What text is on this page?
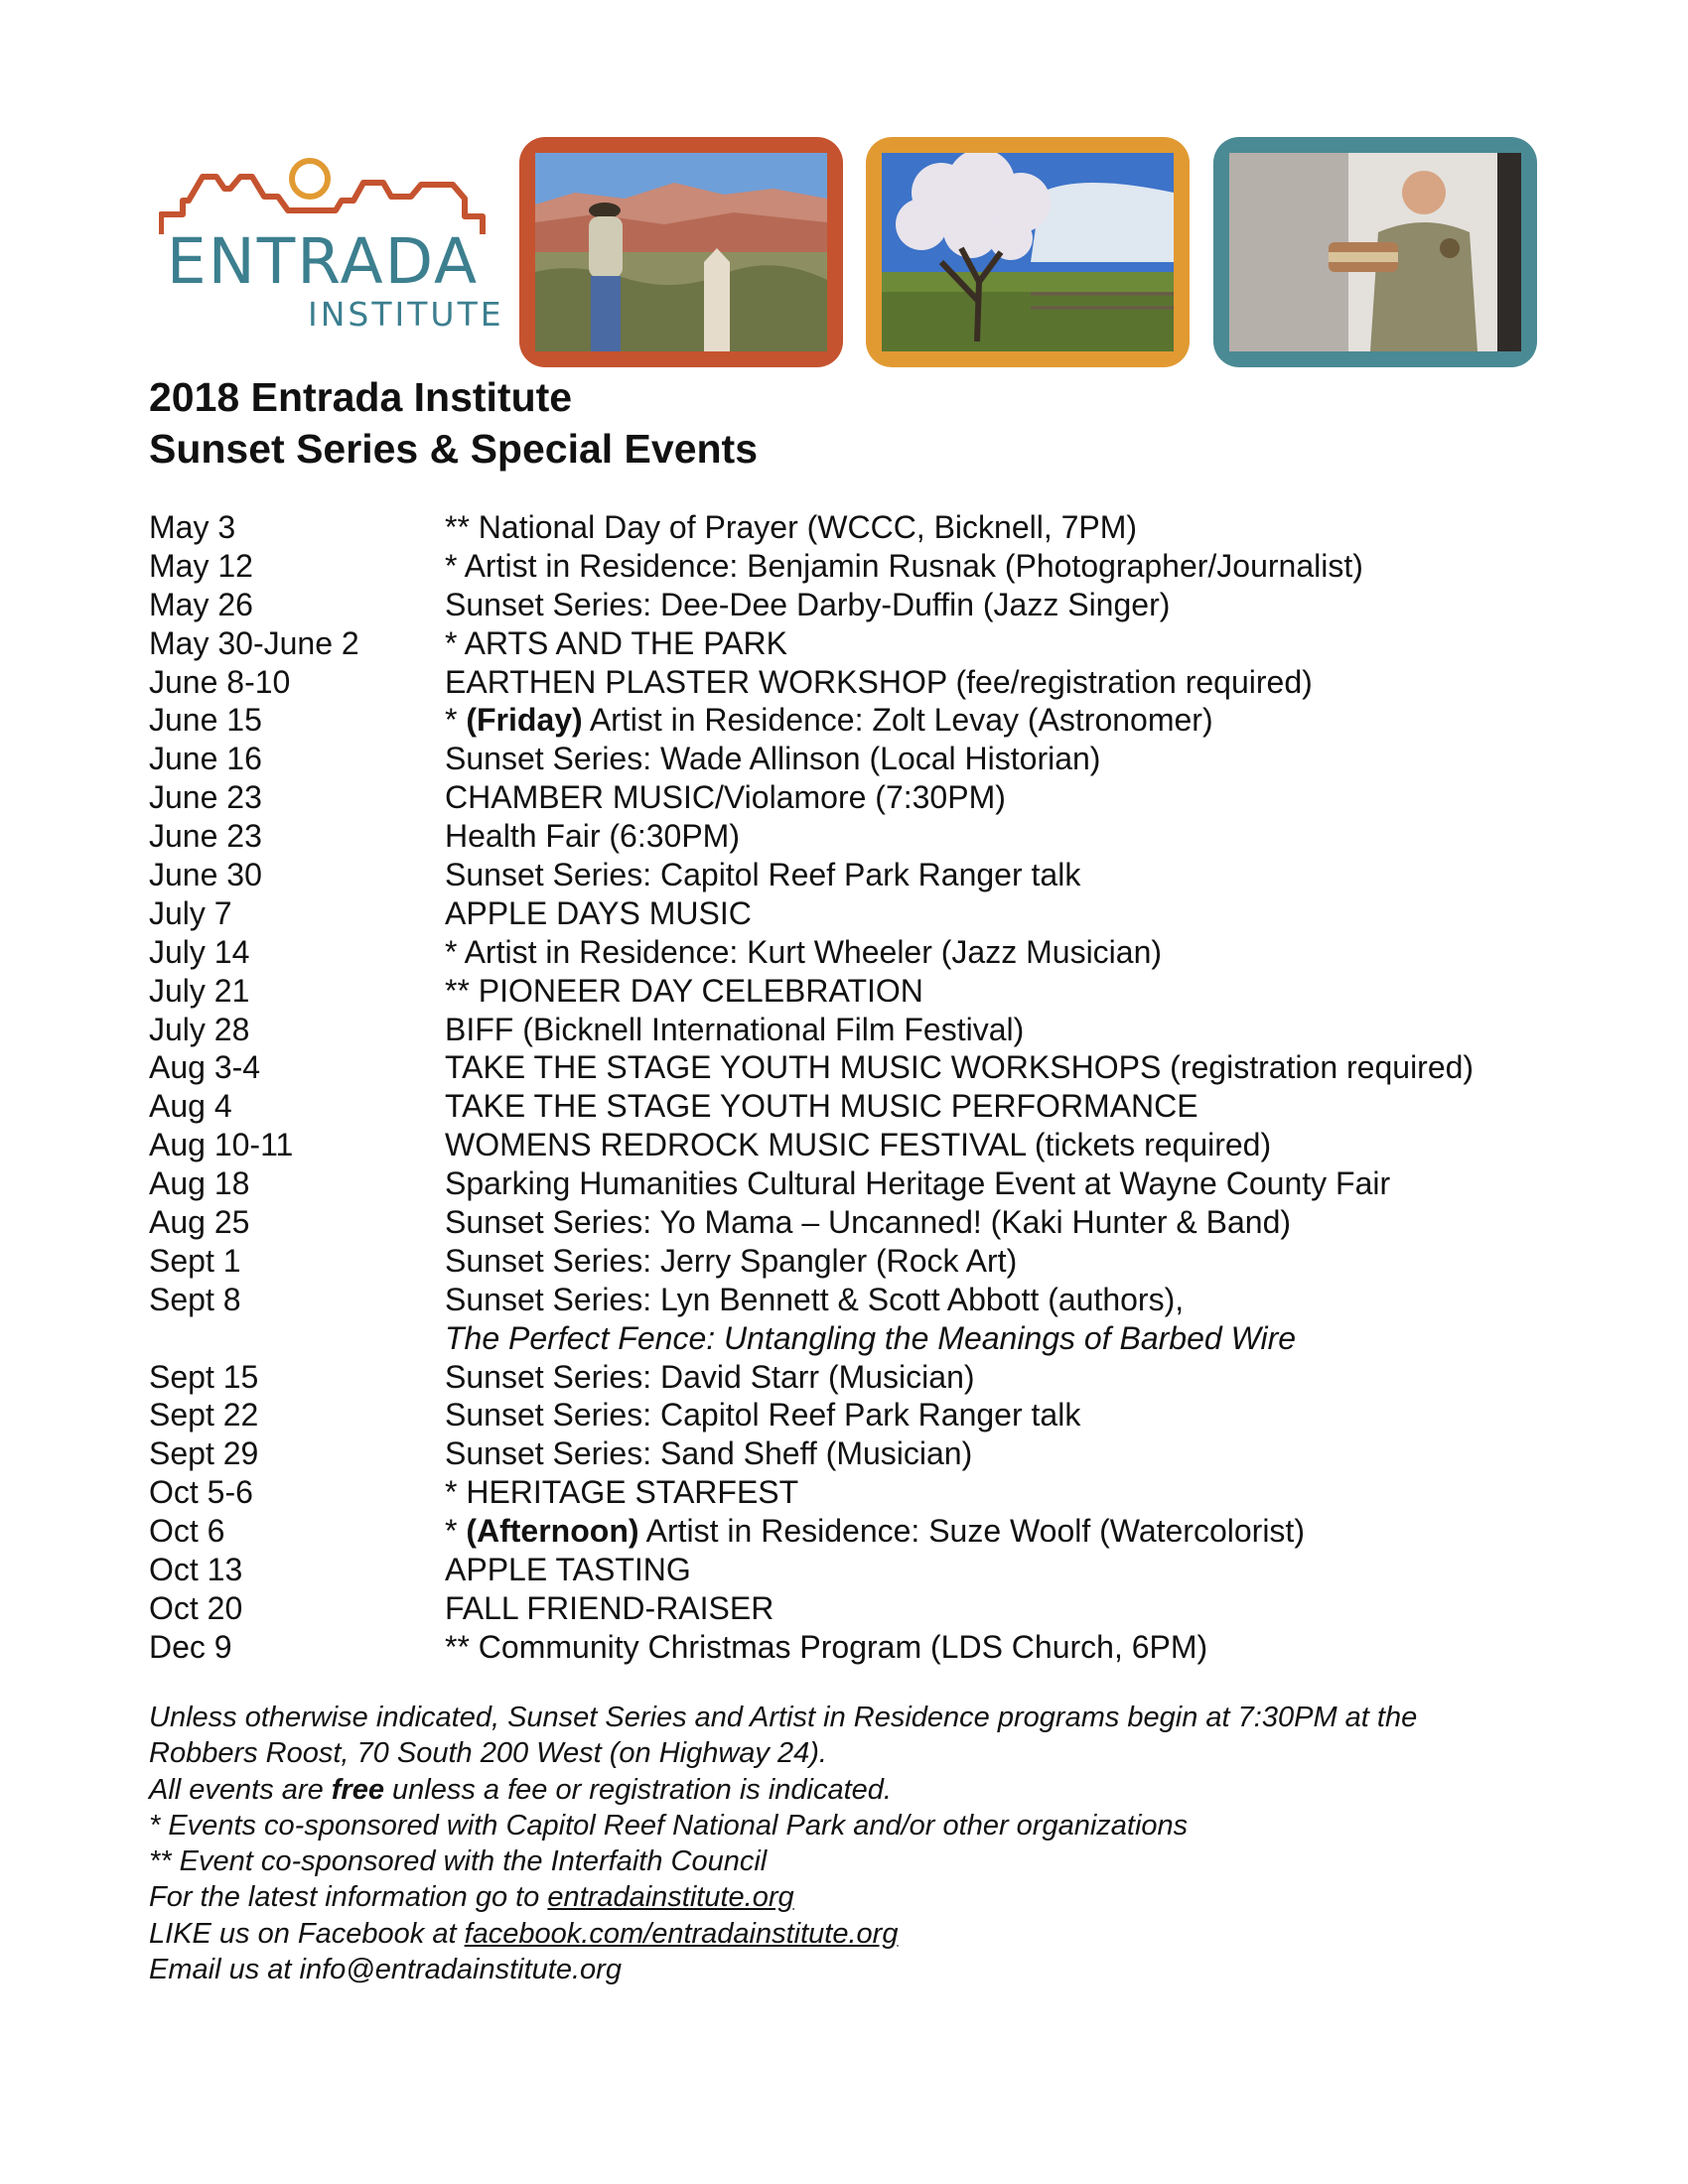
ENTRADA
INSTITUTE
2018 Entrada Institute
Sunset Series & Special Events
May 3	** National Day of Prayer (WCCC, Bicknell, 7PM)
May 12	* Artist in Residence: Benjamin Rusnak (Photographer/Journalist)
May 26	Sunset Series: Dee-Dee Darby-Duffin (Jazz Singer)
May 30-June 2	* ARTS AND THE PARK
June 8-10	EARTHEN PLASTER WORKSHOP (fee/registration required)
June 15	* (Friday) Artist in Residence: Zolt Levay (Astronomer)
June 16	Sunset Series: Wade Allinson (Local Historian)
June 23	CHAMBER MUSIC/Violamore (7:30PM)
June 23	Health Fair (6:30PM)
June 30	Sunset Series: Capitol Reef Park Ranger talk
July 7	APPLE DAYS MUSIC
July 14	* Artist in Residence: Kurt Wheeler (Jazz Musician)
July 21	** PIONEER DAY CELEBRATION
July 28	BIFF (Bicknell International Film Festival)
Aug 3-4	TAKE THE STAGE YOUTH MUSIC WORKSHOPS (registration required)
Aug 4	TAKE THE STAGE YOUTH MUSIC PERFORMANCE
Aug 10-11	WOMENS REDROCK MUSIC FESTIVAL (tickets required)
Aug 18	Sparking Humanities Cultural Heritage Event at Wayne County Fair
Aug 25	Sunset Series: Yo Mama – Uncanned! (Kaki Hunter & Band)
Sept 1	Sunset Series: Jerry Spangler (Rock Art)
Sept 8	Sunset Series: Lyn Bennett & Scott Abbott (authors),
The Perfect Fence: Untangling the Meanings of Barbed Wire
Sept 15	Sunset Series: David Starr (Musician)
Sept 22	Sunset Series: Capitol Reef Park Ranger talk
Sept 29	Sunset Series: Sand Sheff (Musician)
Oct 5-6	* HERITAGE STARFEST
Oct 6	* (Afternoon) Artist in Residence: Suze Woolf (Watercolorist)
Oct 13	APPLE TASTING
Oct 20	FALL FRIEND-RAISER
Dec 9	** Community Christmas Program (LDS Church, 6PM)
Unless otherwise indicated, Sunset Series and Artist in Residence programs begin at 7:30PM at the
Robbers Roost, 70 South 200 West (on Highway 24).
All events are free unless a fee or registration is indicated.
* Events co-sponsored with Capitol Reef National Park and/or other organizations
** Event co-sponsored with the Interfaith Council
For the latest information go to entradainstitute.org
LIKE us on Facebook at facebook.com/entradainstitute.org
Email us at info@entradainstitute.org
